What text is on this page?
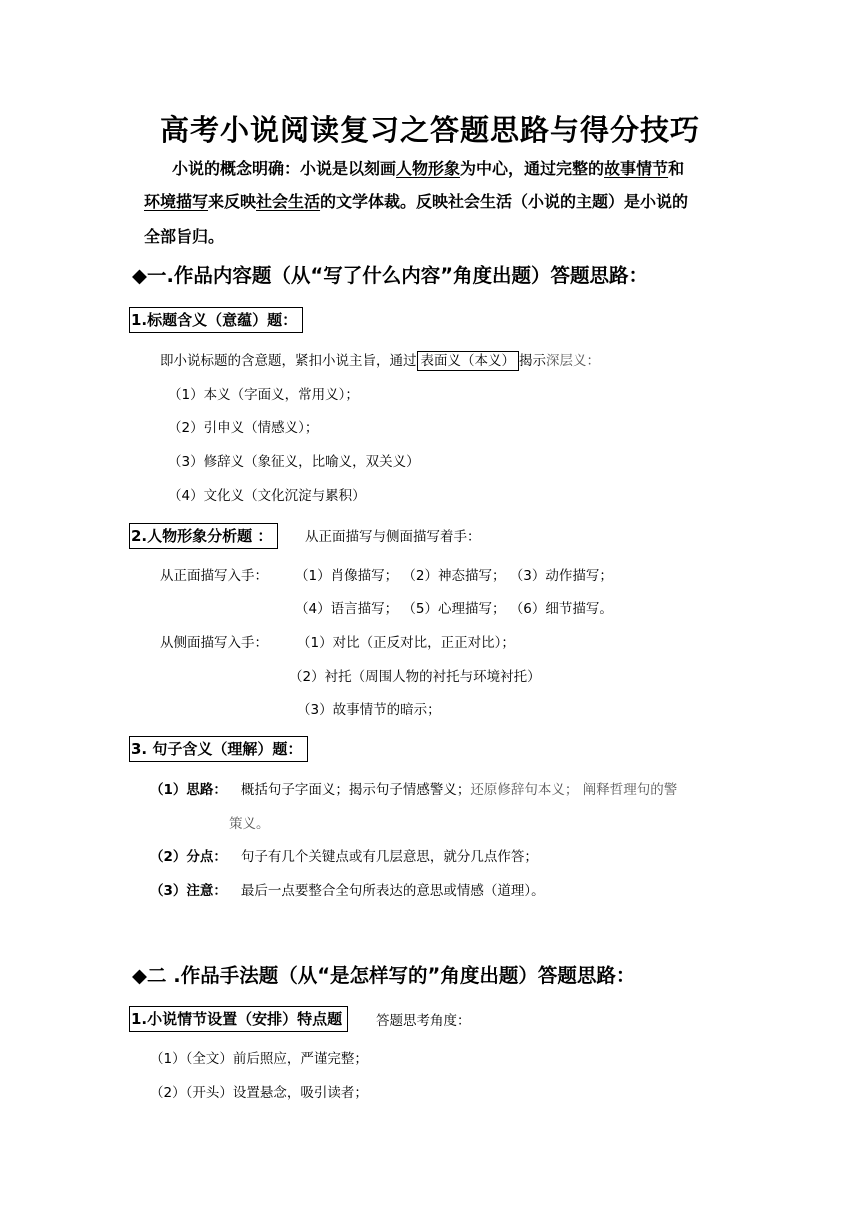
高考小说阅读复习之答题思路与得分技巧
小说的概念明确：小说是以刻画人物形象为中心，通过完整的故事情节和
环境描写来反映社会生活的文学体裁。反映社会生活（小说的主题）是小说的
全部旨归。
◆一.作品内容题（从“写了什么内容”角度出题）答题思路：
1.标题含义（意蕴）题：
即小说标题的含意题，紧扣小说主旨，通过 表面义（本义） 揭示深层义：
（1）本义（字面义，常用义）；
（2）引申义（情感义）；
（3）修辞义（象征义，比喻义，双关义）
（4）文化义（文化沉淀与累积）
2.人物形象分析题 ：	从正面描写与侧面描写着手：
从正面描写入手： （1）肖像描写； （2）神态描写； （3）动作描写；
（4）语言描写； （5）心理描写； （6）细节描写。
从侧面描写入手： （1）对比（正反对比，正正对比）；
（2）衬托（周围人物的衬托与环境衬托）
（3）故事情节的暗示；
3. 句子含义（理解）题：
（1）思路： 概括句子字面义；揭示句子情感警义；还原修辞句本义； 阐释哲理句的警
策义。
（2）分点： 句子有几个关键点或有几层意思，就分几点作答；
（3）注意： 最后一点要整合全句所表达的意思或情感（道理）。
◆二 .作品手法题（从“是怎样写的”角度出题）答题思路：
1.小说情节设置（安排）特点题	答题思考角度：
（1）（全文）前后照应，严谨完整；
（2）（开头）设置悬念，吸引读者；
